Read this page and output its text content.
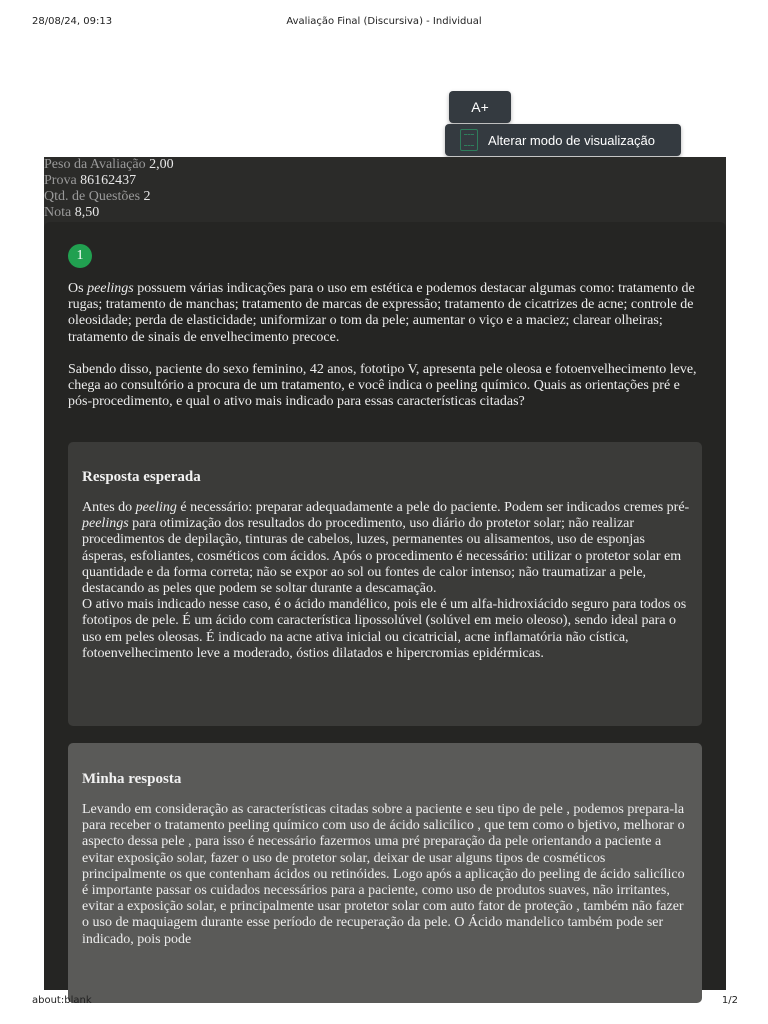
28/08/24, 09:13	Avaliação Final (Discursiva) - Individual
A+
Alterar modo de visualização
Peso da Avaliação 2,00
Prova 86162437
Qtd. de Questões 2
Nota 8,50
1

Os peelings possuem várias indicações para o uso em estética e podemos destacar algumas como: tratamento de rugas; tratamento de manchas; tratamento de marcas de expressão; tratamento de cicatrizes de acne; controle de oleosidade; perda de elasticidade; uniformizar o tom da pele; aumentar o viço e a maciez; clarear olheiras; tratamento de sinais de envelhecimento precoce.

Sabendo disso, paciente do sexo feminino, 42 anos, fototipo V, apresenta pele oleosa e fotoenvelhecimento leve, chega ao consultório a procura de um tratamento, e você indica o peeling químico. Quais as orientações pré e pós-procedimento, e qual o ativo mais indicado para essas características citadas?

Resposta esperada

Antes do peeling é necessário: preparar adequadamente a pele do paciente. Podem ser indicados cremes pré-peelings para otimização dos resultados do procedimento, uso diário do protetor solar; não realizar procedimentos de depilação, tinturas de cabelos, luzes, permanentes ou alisamentos, uso de esponjas ásperas, esfoliantes, cosméticos com ácidos. Após o procedimento é necessário: utilizar o protetor solar em quantidade e da forma correta; não se expor ao sol ou fontes de calor intenso; não traumatizar a pele, destacando as peles que podem se soltar durante a descamação.

O ativo mais indicado nesse caso, é o ácido mandélico, pois ele é um alfa-hidroxiácido seguro para todos os fototipos de pele. É um ácido com característica lipossolúvel (solúvel em meio oleoso), sendo ideal para o uso em peles oleosas. É indicado na acne ativa inicial ou cicatricial, acne inflamatória não cística, fotoenvelhecimento leve a moderado, óstios dilatados e hipercromias epidérmicas.

Minha resposta

Levando em consideração as características citadas sobre a paciente e seu tipo de pele , podemos prepara-la para receber o tratamento peeling químico com uso de ácido salicílico , que tem como o bjetivo, melhorar o aspecto dessa pele , para isso é necessário fazermos uma pré preparação da pele orientando a paciente a evitar exposição solar, fazer o uso de protetor solar, deixar de usar alguns tipos de cosméticos principalmente os que contenham ácidos ou retinóides. Logo após a aplicação do peeling de ácido salicílico é importante passar os cuidados necessários para a paciente, como uso de produtos suaves, não irritantes, evitar a exposição solar, e principalmente usar protetor solar com auto fator de proteção , também não fazer o uso de maquiagem durante esse período de recuperação da pele. O Ácido mandelico também pode ser indicado, pois pode

about:blank	1/2
